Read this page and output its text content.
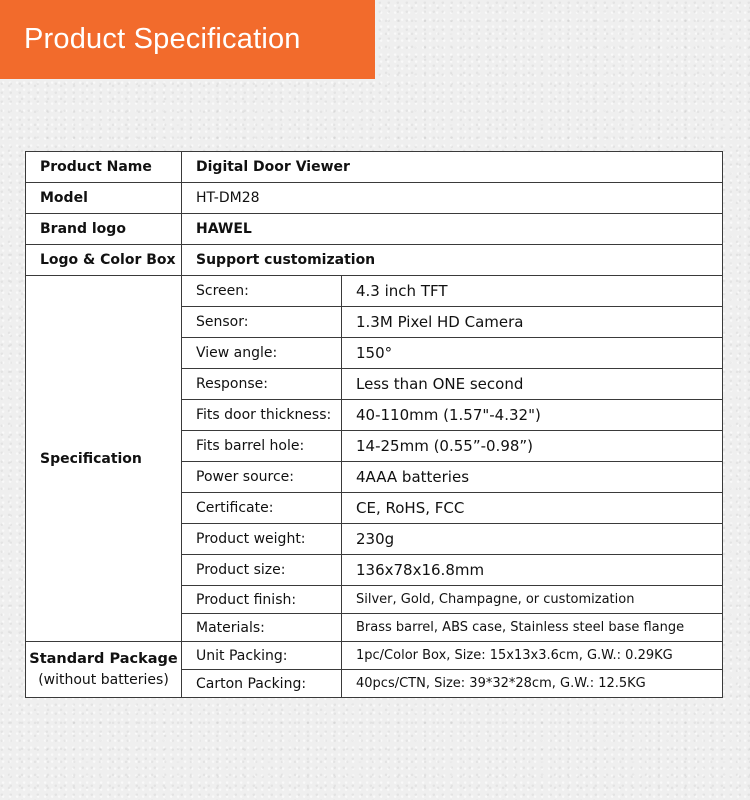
Product Specification
Product Name	Digital Door Viewer	
Model	HT-DM28	
Brand logo	HAWEL	
Logo & Color Box	Support customization	
Specification	Screen:	4.3 inch TFT
	Sensor:	1.3M Pixel HD Camera
	View angle:	150°
	Response:	Less than ONE second
	Fits door thickness:	40-110mm (1.57"-4.32")
	Fits barrel hole:	14-25mm (0.55”-0.98”)
	Power source:	4AAA batteries
	Certificate:	CE, RoHS, FCC
	Product weight:	230g
	Product size:	136x78x16.8mm
	Product finish:	Silver, Gold, Champagne, or customization
	Materials:	Brass barrel, ABS case, Stainless steel base flange

Standard Package
(without batteries)	Unit Packing:	1pc/Color Box, Size: 15x13x3.6cm, G.W.: 0.29KG
	Carton Packing:	40pcs/CTN, Size: 39*32*28cm, G.W.: 12.5KG
